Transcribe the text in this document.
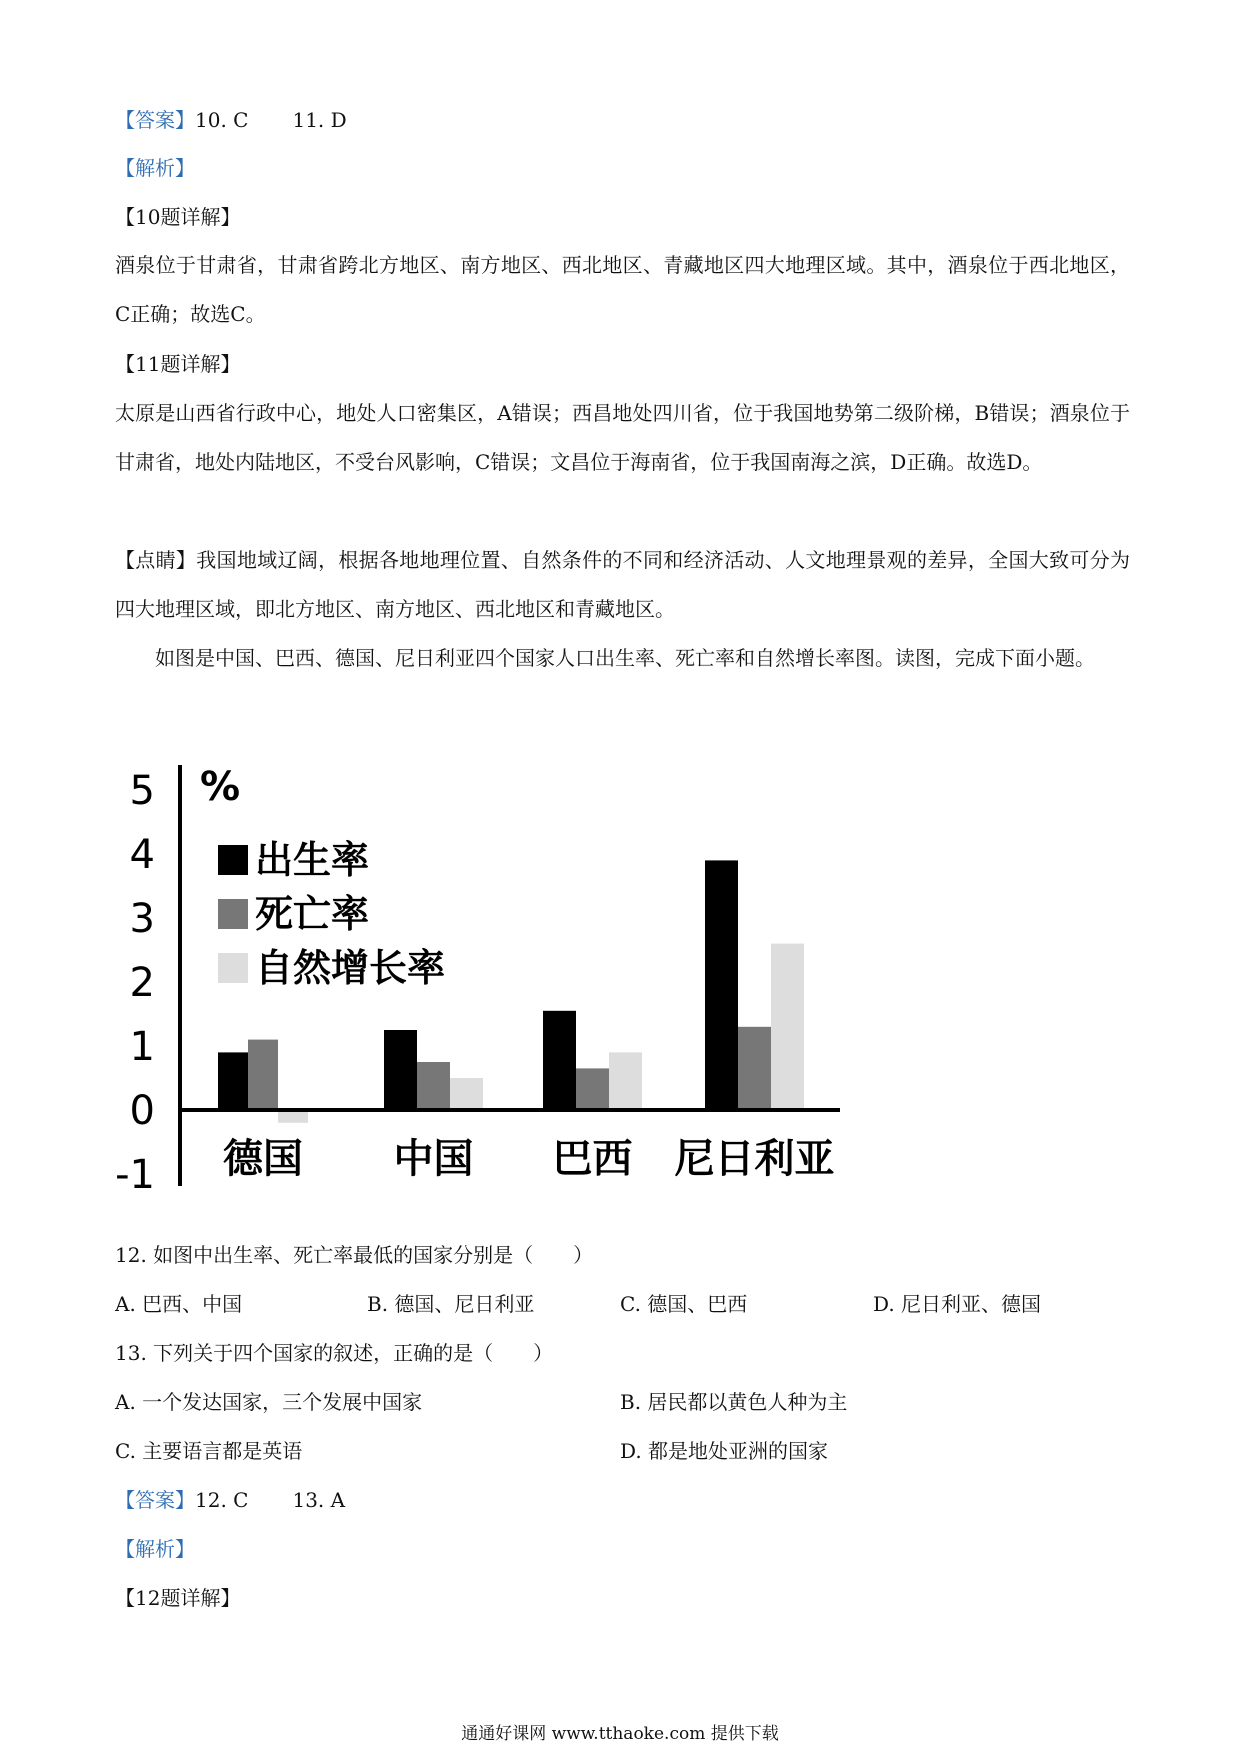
【答案】10. C 11. D
【解析】
【10题详解】
酒泉位于甘肃省，甘肃省跨北方地区、南方地区、西北地区、青藏地区四大地理区域。其中，酒泉位于西北地区，C正确；故选C。
【11题详解】
太原是山西省行政中心，地处人口密集区，A错误；西昌地处四川省，位于我国地势第二级阶梯，B错误；酒泉位于甘肃省，地处内陆地区，不受台风影响，C错误；文昌位于海南省，位于我国南海之滨，D正确。故选D。
【点睛】我国地域辽阔，根据各地地理位置、自然条件的不同和经济活动、人文地理景观的差异，全国大致可分为四大地理区域，即北方地区、南方地区、西北地区和青藏地区。
如图是中国、巴西、德国、尼日利亚四个国家人口出生率、死亡率和自然增长率图。读图，完成下面小题。
5
4
3
2
1
0
-1
%
出生率
死亡率
自然增长率
德国 中国 巴西 尼日利亚
12. 如图中出生率、死亡率最低的国家分别是（　　）
A. 巴西、中国	B. 德国、尼日利亚	C. 德国、巴西	D. 尼日利亚、德国
13. 下列关于四个国家的叙述，正确的是（　　）
A. 一个发达国家，三个发展中国家	B. 居民都以黄色人种为主
C. 主要语言都是英语	D. 都是地处亚洲的国家
【答案】12. C 13. A
【解析】
【12题详解】
通通好课网 www.tthaoke.com 提供下载
